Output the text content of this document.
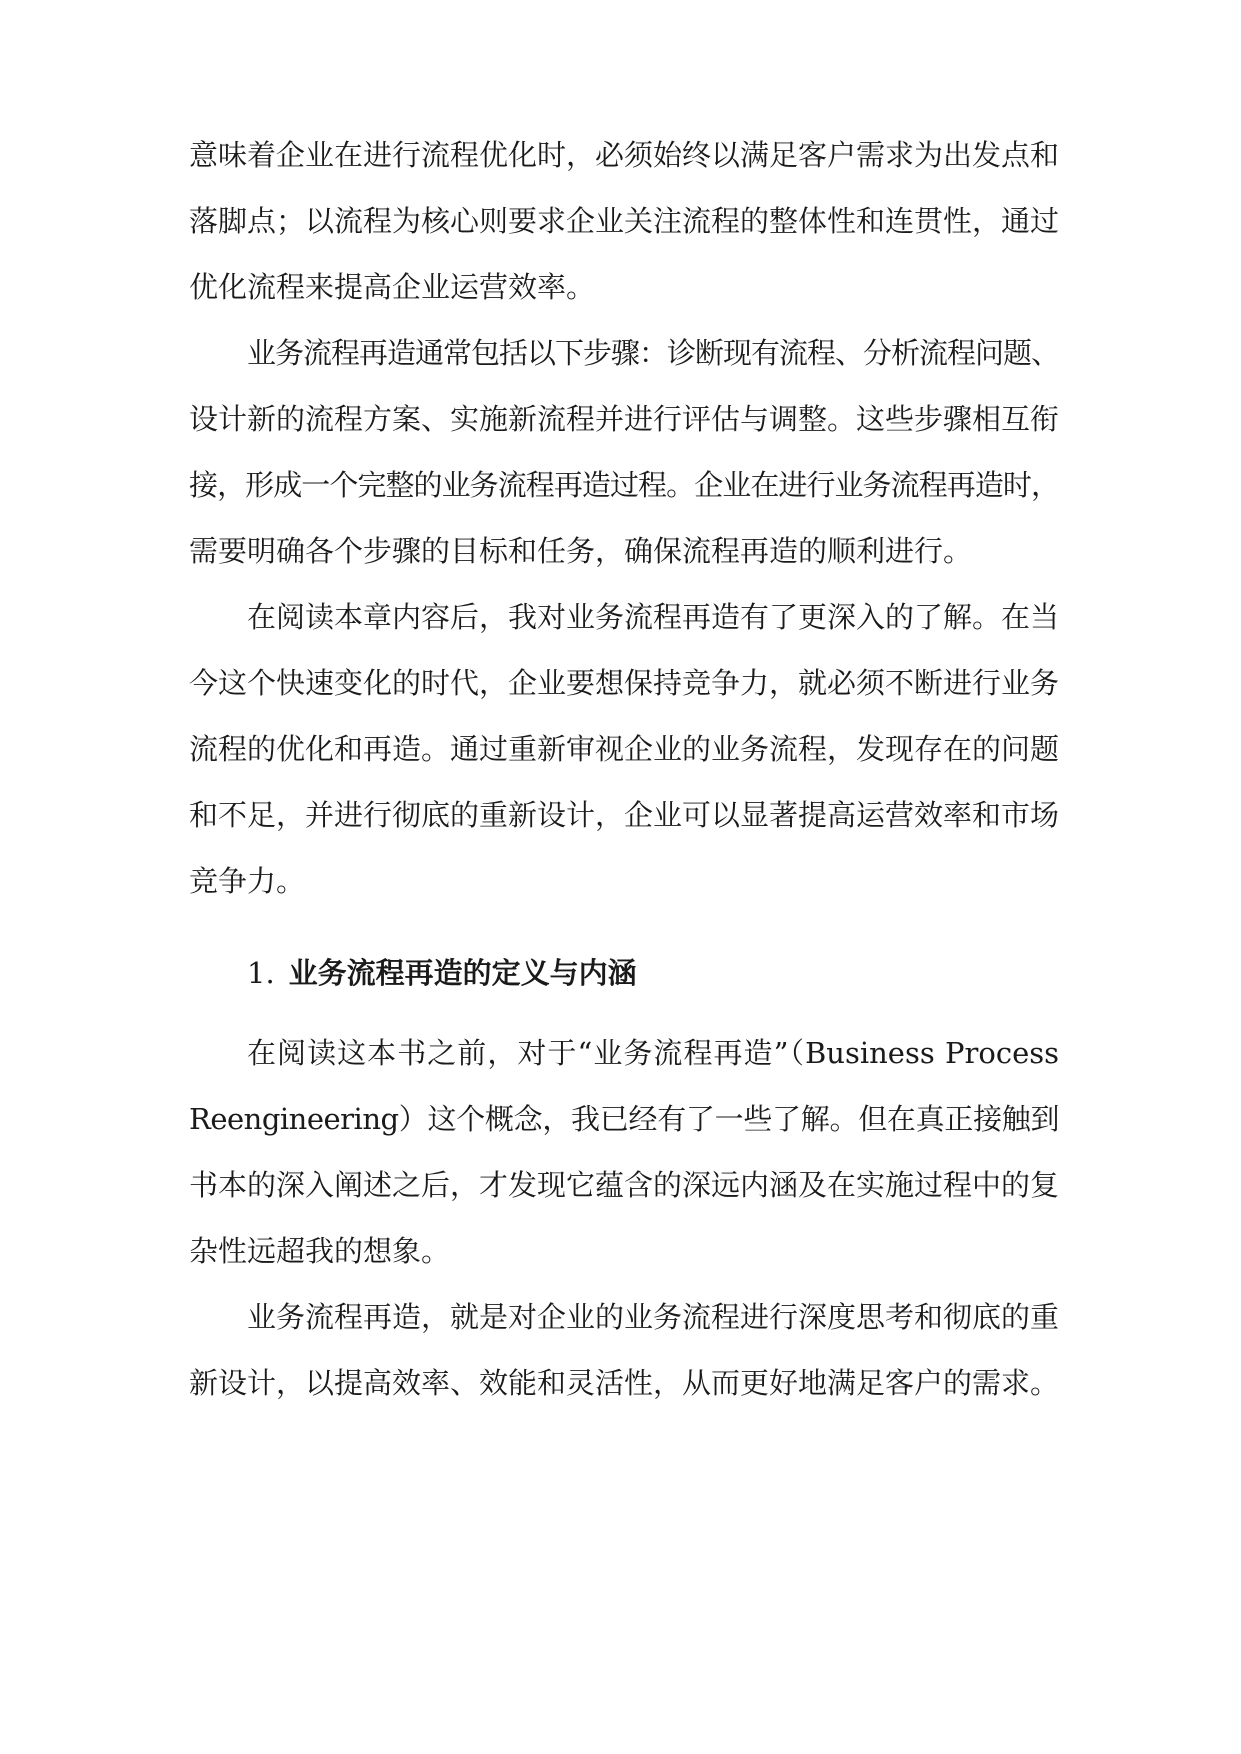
意味着企业在进行流程优化时，必须始终以满足客户需求为出发点和
落脚点；以流程为核心则要求企业关注流程的整体性和连贯性，通过
优化流程来提高企业运营效率。
业务流程再造通常包括以下步骤：诊断现有流程、分析流程问题、
设计新的流程方案、实施新流程并进行评估与调整。这些步骤相互衔
接，形成一个完整的业务流程再造过程。企业在进行业务流程再造时，
需要明确各个步骤的目标和任务，确保流程再造的顺利进行。
在阅读本章内容后，我对业务流程再造有了更深入的了解。在当
今这个快速变化的时代，企业要想保持竞争力，就必须不断进行业务
流程的优化和再造。通过重新审视企业的业务流程，发现存在的问题
和不足，并进行彻底的重新设计，企业可以显著提高运营效率和市场
竞争力。
1. 业务流程再造的定义与内涵
在阅读这本书之前，对于“业务流程再造”（Business Process
Reengineering）这个概念，我已经有了一些了解。但在真正接触到
书本的深入阐述之后，才发现它蕴含的深远内涵及在实施过程中的复
杂性远超我的想象。
业务流程再造，就是对企业的业务流程进行深度思考和彻底的重
新设计，以提高效率、效能和灵活性，从而更好地满足客户的需求。
